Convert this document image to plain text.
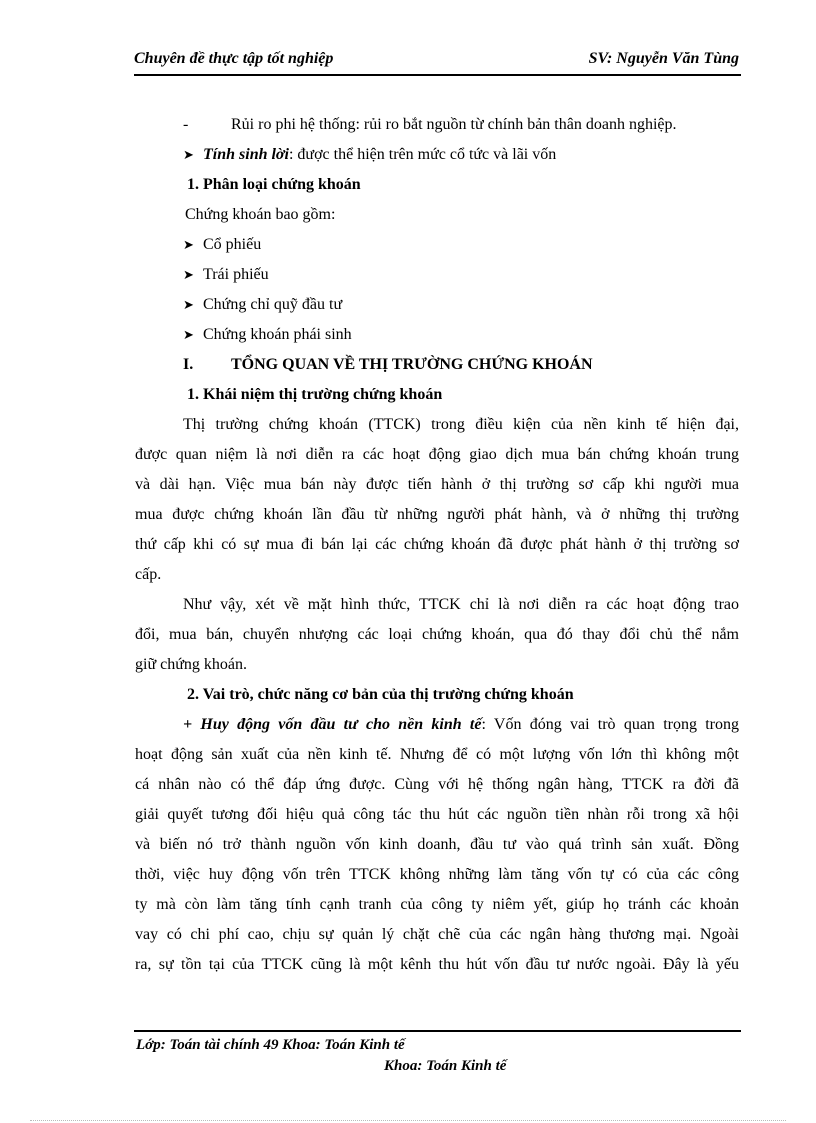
Chuyên đề thực tập tốt nghiệp	SV: Nguyễn Văn Tùng
-	Rủi ro phi hệ thống: rủi ro bắt nguồn từ chính bản thân doanh nghiệp.
➤ Tính sinh lời: được thể hiện trên mức cổ tức và lãi vốn
1. Phân loại chứng khoán
Chứng khoán bao gồm:
➤ Cổ phiếu
➤ Trái phiếu
➤ Chứng chỉ quỹ đầu tư
➤ Chứng khoán phái sinh
I. TỔNG QUAN VỀ THỊ TRƯỜNG CHỨNG KHOÁN
1. Khái niệm thị trường chứng khoán
Thị trường chứng khoán (TTCK) trong điều kiện của nền kinh tế hiện đại,
được quan niệm là nơi diễn ra các hoạt động giao dịch mua bán chứng khoán trung
và dài hạn. Việc mua bán này được tiến hành ở thị trường sơ cấp khi người mua
mua được chứng khoán lần đầu từ những người phát hành, và ở những thị trường
thứ cấp khi có sự mua đi bán lại các chứng khoán đã được phát hành ở thị trường sơ
cấp.
Như vậy, xét về mặt hình thức, TTCK chỉ là nơi diễn ra các hoạt động trao
đổi, mua bán, chuyển nhượng các loại chứng khoán, qua đó thay đổi chủ thể nắm
giữ chứng khoán.
2. Vai trò, chức năng cơ bản của thị trường chứng khoán
+ Huy động vốn đầu tư cho nền kinh tế: Vốn đóng vai trò quan trọng trong
hoạt động sản xuất của nền kinh tế. Nhưng để có một lượng vốn lớn thì không một
cá nhân nào có thể đáp ứng được. Cùng với hệ thống ngân hàng, TTCK ra đời đã
giải quyết tương đối hiệu quả công tác thu hút các nguồn tiền nhàn rỗi trong xã hội
và biến nó trở thành nguồn vốn kinh doanh, đầu tư vào quá trình sản xuất. Đồng
thời, việc huy động vốn trên TTCK không những làm tăng vốn tự có của các công
ty mà còn làm tăng tính cạnh tranh của công ty niêm yết, giúp họ tránh các khoản
vay có chi phí cao, chịu sự quản lý chặt chẽ của các ngân hàng thương mại. Ngoài
ra, sự tồn tại của TTCK cũng là một kênh thu hút vốn đầu tư nước ngoài. Đây là yếu
Lớp: Toán tài chính 49 Khoa: Toán Kinh tế
Khoa: Toán Kinh tế
